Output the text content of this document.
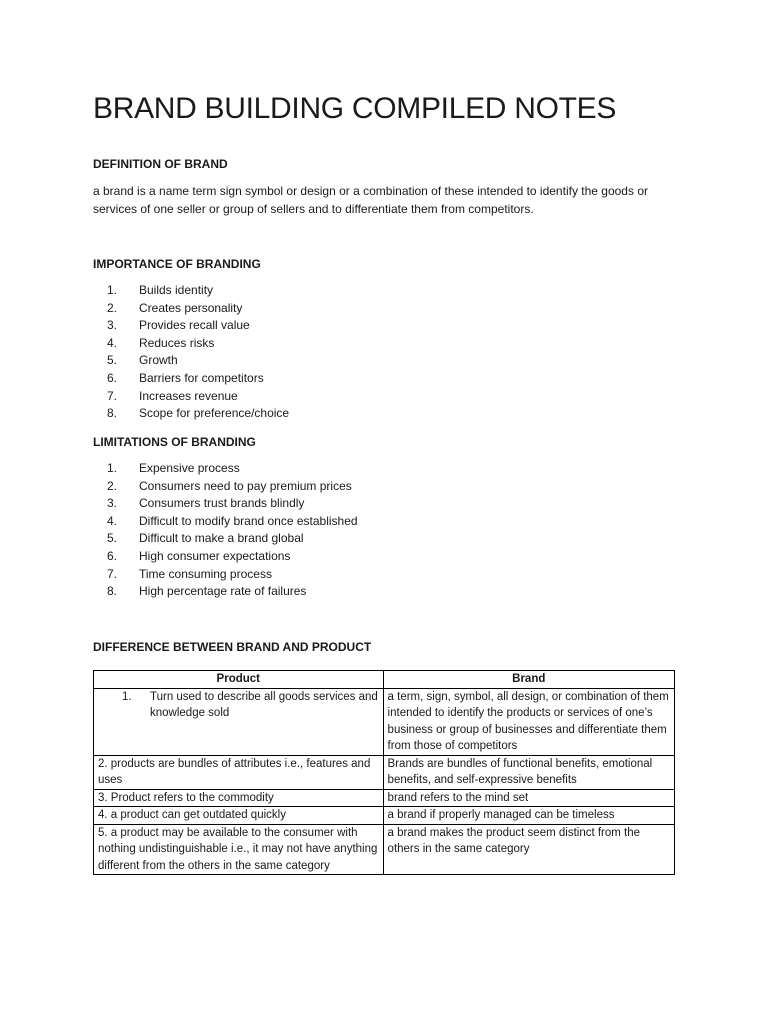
BRAND BUILDING COMPILED NOTES
DEFINITION OF BRAND

a brand is a name term sign symbol or design or a combination of these intended to identify the goods or services of one seller or group of sellers and to differentiate them from competitors.

IMPORTANCE OF BRANDING
1. Builds identity
2. Creates personality
3. Provides recall value
4. Reduces risks
5. Growth
6. Barriers for competitors
7. Increases revenue
8. Scope for preference/choice
LIMITATIONS OF BRANDING
1. Expensive process
2. Consumers need to pay premium prices
3. Consumers trust brands blindly
4. Difficult to modify brand once established
5. Difficult to make a brand global
6. High consumer expectations
7. Time consuming process
8. High percentage rate of failures
DIFFERENCE BETWEEN BRAND AND PRODUCT
Product	Brand

1. Turn used to describe all goods services and knowledge sold	a term, sign, symbol, all design, or combination of them intended to identify the products or services of one’s business or group of businesses and differentiate them from those of competitors
2. products are bundles of attributes i.e., features and uses	Brands are bundles of functional benefits, emotional benefits, and self-expressive benefits
3. Product refers to the commodity	brand refers to the mind set
4. a product can get outdated quickly	a brand if properly managed can be timeless
5. a product may be available to the consumer with nothing undistinguishable i.e., it may not have anything different from the others in the same category	a brand makes the product seem distinct from the others in the same category
